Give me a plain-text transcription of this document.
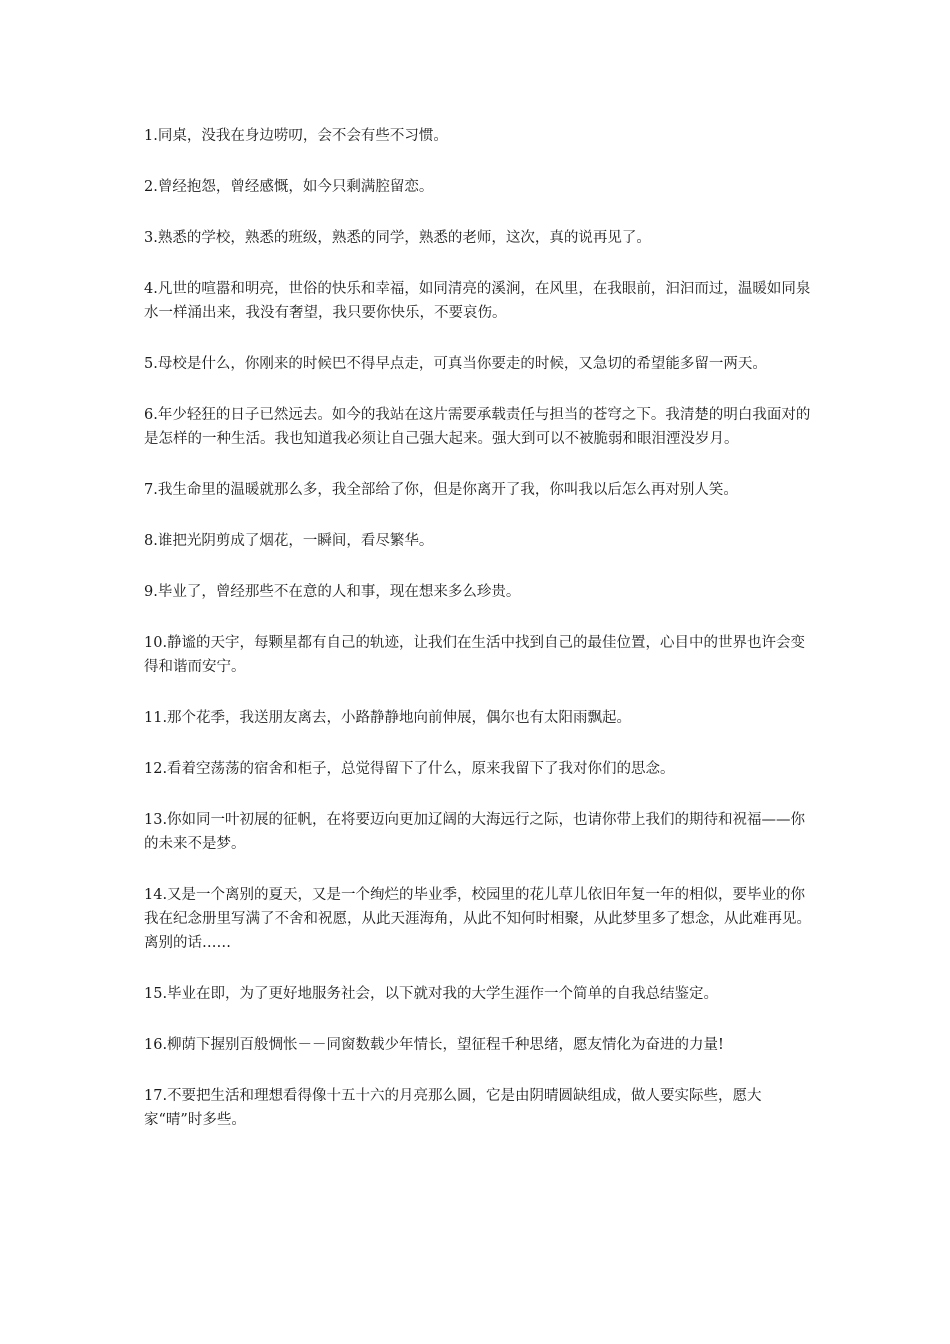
1.同桌，没我在身边唠叨，会不会有些不习惯。

2.曾经抱怨，曾经感慨，如今只剩满腔留恋。

3.熟悉的学校，熟悉的班级，熟悉的同学，熟悉的老师，这次，真的说再见了。

4.凡世的喧嚣和明亮，世俗的快乐和幸福，如同清亮的溪涧，在风里，在我眼前，汩汩而过，温暖如同泉水一样涌出来，我没有奢望，我只要你快乐，不要哀伤。

5.母校是什么，你刚来的时候巴不得早点走，可真当你要走的时候，又急切的希望能多留一两天。

6.年少轻狂的日子已然远去。如今的我站在这片需要承载责任与担当的苍穹之下。我清楚的明白我面对的是怎样的一种生活。我也知道我必须让自己强大起来。强大到可以不被脆弱和眼泪湮没岁月。

7.我生命里的温暖就那么多，我全部给了你，但是你离开了我，你叫我以后怎么再对别人笑。

8.谁把光阴剪成了烟花，一瞬间，看尽繁华。

9.毕业了，曾经那些不在意的人和事，现在想来多么珍贵。

10.静谧的天宇，每颗星都有自己的轨迹，让我们在生活中找到自己的最佳位置，心目中的世界也许会变得和谐而安宁。

11.那个花季，我送朋友离去，小路静静地向前伸展，偶尔也有太阳雨飘起。

12.看着空荡荡的宿舍和柜子，总觉得留下了什么，原来我留下了我对你们的思念。

13.你如同一叶初展的征帆，在将要迈向更加辽阔的大海远行之际，也请你带上我们的期待和祝福——你的未来不是梦。

14.又是一个离别的夏天，又是一个绚烂的毕业季，校园里的花儿草儿依旧年复一年的相似，要毕业的你我在纪念册里写满了不舍和祝愿，从此天涯海角，从此不知何时相聚，从此梦里多了想念，从此难再见。离别的话……

15.毕业在即，为了更好地服务社会，以下就对我的大学生涯作一个简单的自我总结鉴定。

16.柳荫下握别百般惆怅－－同窗数载少年情长，望征程千种思绪，愿友情化为奋进的力量!

17.不要把生活和理想看得像十五十六的月亮那么圆，它是由阴晴圆缺组成，做人要实际些，愿大家“晴”时多些。
